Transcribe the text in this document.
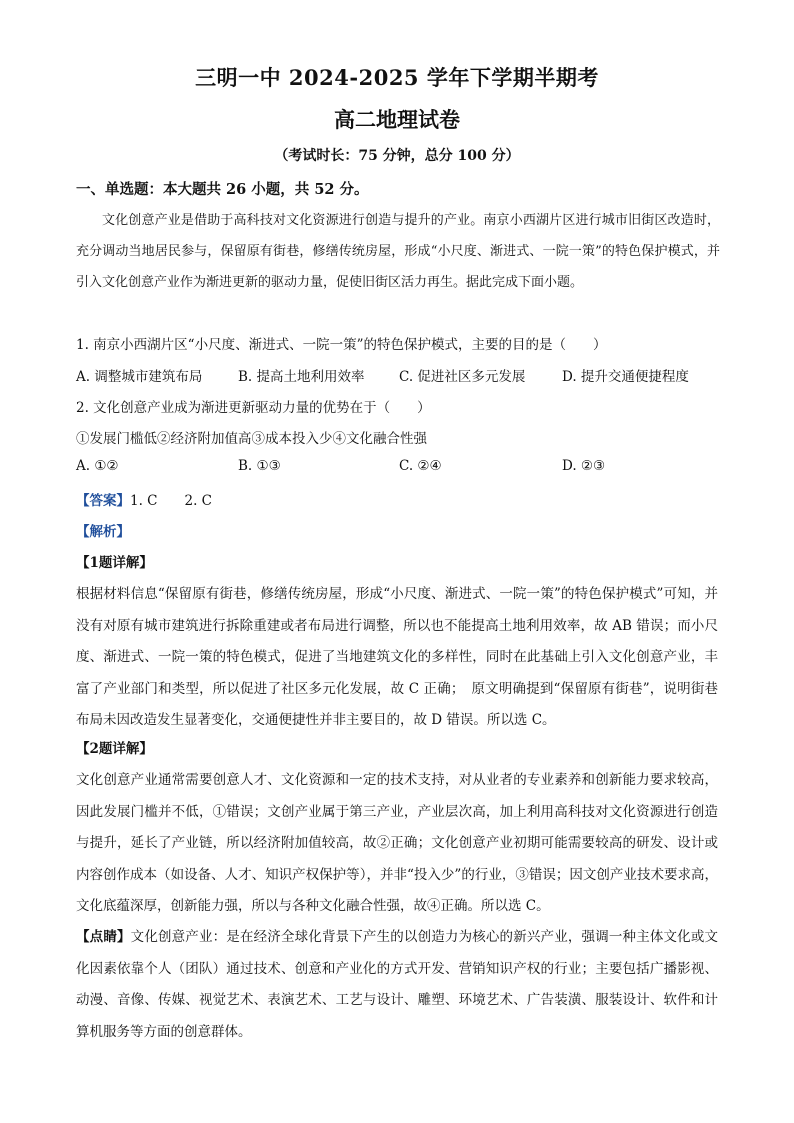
三明一中 2024-2025 学年下学期半期考
高二地理试卷
（考试时长：75 分钟，总分 100 分）
一、单选题：本大题共 26 小题，共 52 分。

文化创意产业是借助于高科技对文化资源进行创造与提升的产业。南京小西湖片区进行城市旧街区改造时，充分调动当地居民参与，保留原有街巷，修缮传统房屋，形成“小尺度、渐进式、一院一策”的特色保护模式，并引入文化创意产业作为渐进更新的驱动力量，促使旧街区活力再生。据此完成下面小题。

1. 南京小西湖片区“小尺度、渐进式、一院一策”的特色保护模式，主要的目的是（　　）
A. 调整城市建筑布局	B. 提高土地利用效率	C. 促进社区多元发展	D. 提升交通便捷程度
2. 文化创意产业成为渐进更新驱动力量的优势在于（　　）
①发展门槛低②经济附加值高③成本投入少④文化融合性强
A. ①②	B. ①③	C. ②④	D. ②③
【答案】1. C　　2. C
【解析】
【1题详解】

根据材料信息“保留原有街巷，修缮传统房屋，形成“小尺度、渐进式、一院一策”的特色保护模式”可知，并没有对原有城市建筑进行拆除重建或者布局进行调整，所以也不能提高土地利用效率，故 AB 错误；而小尺度、渐进式、一院一策的特色模式，促进了当地建筑文化的多样性，同时在此基础上引入文化创意产业，丰富了产业部门和类型，所以促进了社区多元化发展，故 C 正确；　原文明确提到“保留原有街巷”，说明街巷布局未因改造发生显著变化，交通便捷性并非主要目的，故 D 错误。所以选 C。

【2题详解】

文化创意产业通常需要创意人才、文化资源和一定的技术支持，对从业者的专业素养和创新能力要求较高，因此发展门槛并不低，①错误；文创产业属于第三产业，产业层次高，加上利用高科技对文化资源进行创造与提升，延长了产业链，所以经济附加值较高，故②正确；文化创意产业初期可能需要较高的研发、设计或内容创作成本（如设备、人才、知识产权保护等），并非“投入少”的行业，③错误；因文创产业技术要求高，文化底蕴深厚，创新能力强，所以与各种文化融合性强，故④正确。所以选 C。

【点睛】文化创意产业：是在经济全球化背景下产生的以创造力为核心的新兴产业，强调一种主体文化或文化因素依靠个人（团队）通过技术、创意和产业化的方式开发、营销知识产权的行业；主要包括广播影视、动漫、音像、传媒、视觉艺术、表演艺术、工艺与设计、雕塑、环境艺术、广告装潢、服装设计、软件和计算机服务等方面的创意群体。
